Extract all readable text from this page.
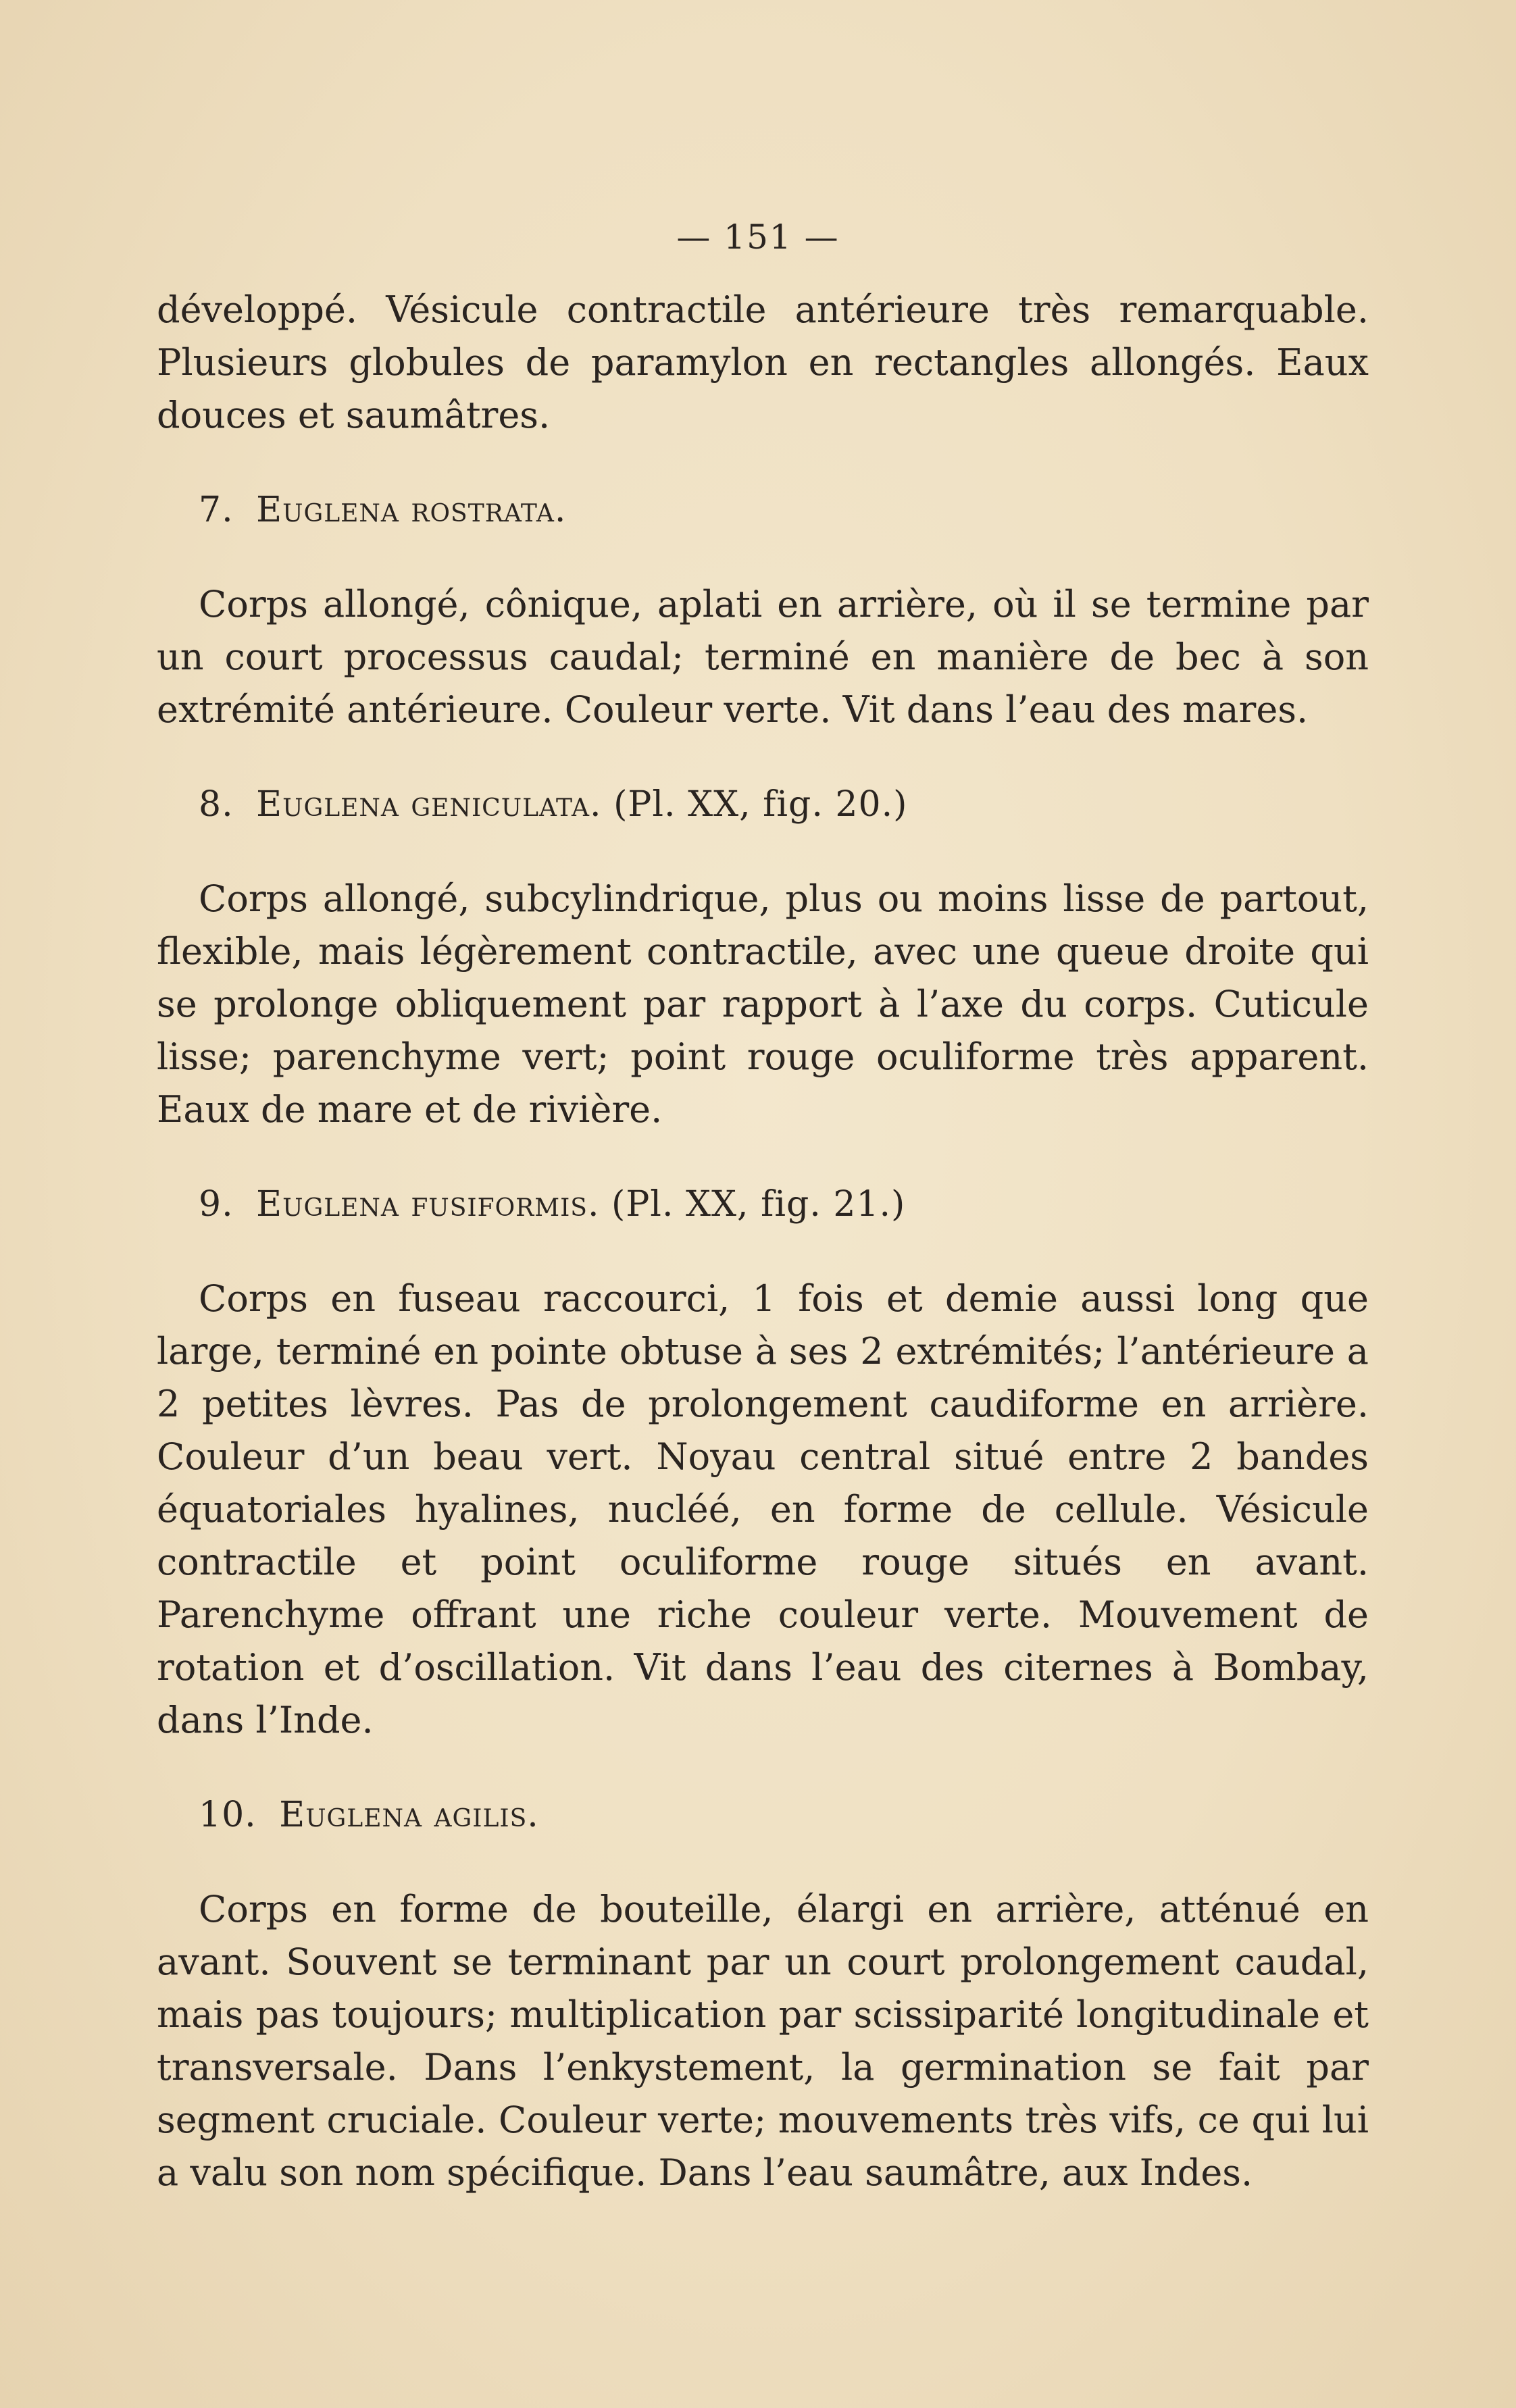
— 151 —

développé. Vésicule contractile antérieure très remarquable. Plusieurs globules de paramylon en rectangles allongés. Eaux douces et saumâtres.

7. Euglena rostrata.

Corps allongé, cônique, aplati en arrière, où il se termine par un court processus caudal; terminé en manière de bec à son extrémité antérieure. Couleur verte. Vit dans l’eau des mares.

8. Euglena geniculata. (Pl. XX, fig. 20.)

Corps allongé, subcylindrique, plus ou moins lisse de partout, flexible, mais légèrement contractile, avec une queue droite qui se prolonge obliquement par rapport à l’axe du corps. Cuticule lisse; parenchyme vert; point rouge oculiforme très apparent. Eaux de mare et de rivière.

9. Euglena fusiformis. (Pl. XX, fig. 21.)

Corps en fuseau raccourci, 1 fois et demie aussi long que large, terminé en pointe obtuse à ses 2 extrémités; l’antérieure a 2 petites lèvres. Pas de prolongement caudiforme en arrière. Couleur d’un beau vert. Noyau central situé entre 2 bandes équatoriales hyalines, nucléé, en forme de cellule. Vésicule contractile et point oculiforme rouge situés en avant. Parenchyme offrant une riche couleur verte. Mouvement de rotation et d’oscillation. Vit dans l’eau des citernes à Bombay, dans l’Inde.

10. Euglena agilis.

Corps en forme de bouteille, élargi en arrière, atténué en avant. Souvent se terminant par un court prolongement caudal, mais pas toujours; multiplication par scissiparité longitudinale et transversale. Dans l’enkystement, la germination se fait par segment cruciale. Couleur verte; mouvements très vifs, ce qui lui a valu son nom spécifique. Dans l’eau saumâtre, aux Indes.
